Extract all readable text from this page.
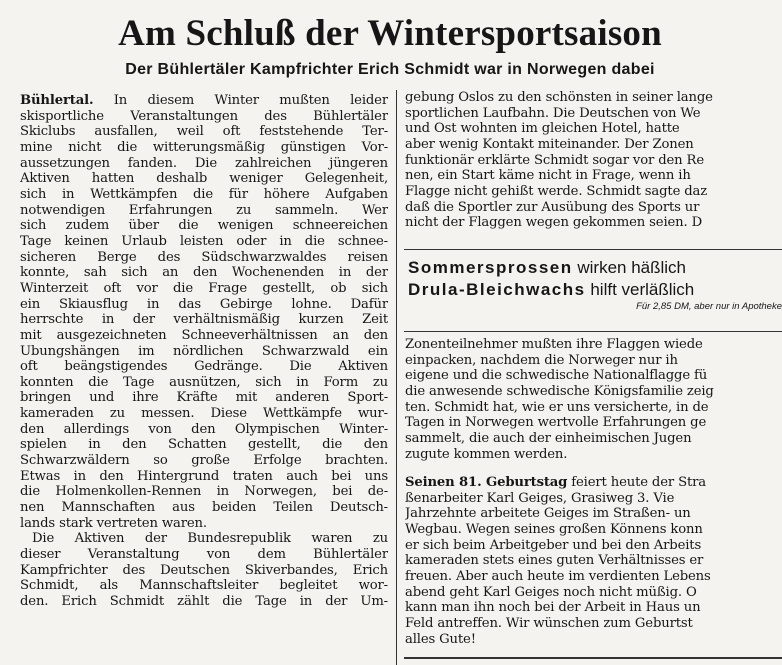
Am Schluß der Wintersportsaison
Der Bühlertäler Kampfrichter Erich Schmidt war in Norwegen dabei
Bühlertal. In diesem Winter mußten leider
skisportliche Veranstaltungen des Bühlertäler
Skiclubs ausfallen, weil oft feststehende Ter-
mine nicht die witterungsmäßig günstigen Vor-
aussetzungen fanden. Die zahlreichen jüngeren
Aktiven hatten deshalb weniger Gelegenheit,
sich in Wettkämpfen die für höhere Aufgaben
notwendigen Erfahrungen zu sammeln. Wer
sich zudem über die wenigen schneereichen
Tage keinen Urlaub leisten oder in die schnee-
sicheren Berge des Südschwarzwaldes reisen
konnte, sah sich an den Wochenenden in der
Winterzeit oft vor die Frage gestellt, ob sich
ein Skiausflug in das Gebirge lohne. Dafür
herrschte in der verhältnismäßig kurzen Zeit
mit ausgezeichneten Schneeverhältnissen an den
Übungshängen im nördlichen Schwarzwald ein
oft beängstigendes Gedränge. Die Aktiven
konnten die Tage ausnützen, sich in Form zu
bringen und ihre Kräfte mit anderen Sport-
kameraden zu messen. Diese Wettkämpfe wur-
den allerdings von den Olympischen Winter-
spielen in den Schatten gestellt, die den
Schwarzwäldern so große Erfolge brachten.
Etwas in den Hintergrund traten auch bei uns
die Holmenkollen-Rennen in Norwegen, bei de-
nen Mannschaften aus beiden Teilen Deutsch-
lands stark vertreten waren.
Die Aktiven der Bundesrepublik waren zu
dieser Veranstaltung von dem Bühlertäler
Kampfrichter des Deutschen Skiverbandes, Erich
Schmidt, als Mannschaftsleiter begleitet wor-
den. Erich Schmidt zählt die Tage in der Um-
gebung Oslos zu den schönsten in seiner lange
sportlichen Laufbahn. Die Deutschen von We
und Ost wohnten im gleichen Hotel, hatte
aber wenig Kontakt miteinander. Der Zonen
funktionär erklärte Schmidt sogar vor den Re
nen, ein Start käme nicht in Frage, wenn ih
Flagge nicht gehißt werde. Schmidt sagte daz
daß die Sportler zur Ausübung des Sports ur
nicht der Flaggen wegen gekommen seien. D
Sommersprossen wirken häßlich
Drula-Bleichwachs hilft verläßlich
Für 2,85 DM, aber nur in Apotheke
Zonenteilnehmer mußten ihre Flaggen wiede
einpacken, nachdem die Norweger nur ih
eigene und die schwedische Nationalflagge fü
die anwesende schwedische Königsfamilie zeig
ten. Schmidt hat, wie er uns versicherte, in de
Tagen in Norwegen wertvolle Erfahrungen ge
sammelt, die auch der einheimischen Jugen
zugute kommen werden.
Seinen 81. Geburtstag feiert heute der Stra
ßenarbeiter Karl Geiges, Grasiweg 3. Vie
Jahrzehnte arbeitete Geiges im Straßen- un
Wegbau. Wegen seines großen Könnens konn
er sich beim Arbeitgeber und bei den Arbeits
kameraden stets eines guten Verhältnisses er
freuen. Aber auch heute im verdienten Lebens
abend geht Karl Geiges noch nicht müßig. O
kann man ihn noch bei der Arbeit in Haus un
Feld antreffen. Wir wünschen zum Geburtst
alles Gute!
